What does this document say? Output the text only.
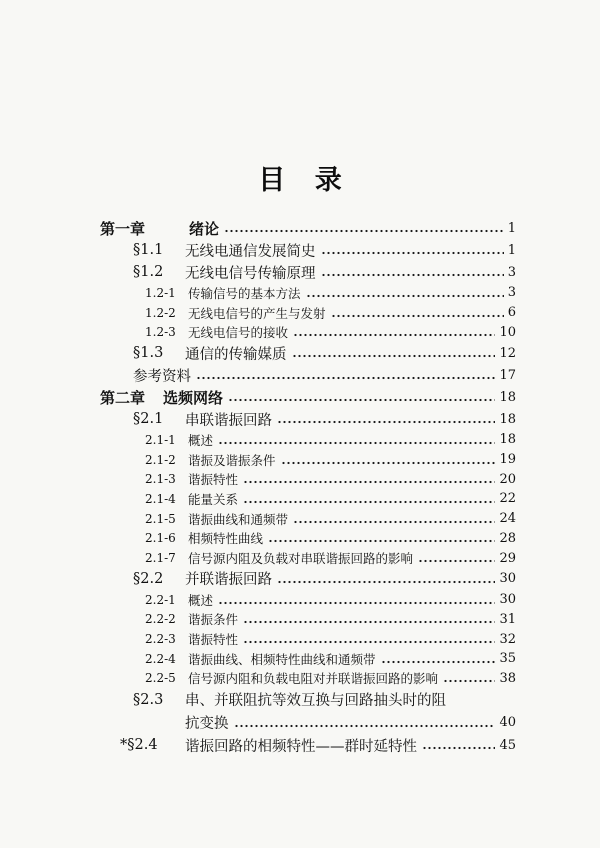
目 录
第一章	绪论	1
§1.1	无线电通信发展简史	1
§1.2	无线电信号传输原理	3
1.2-1 传输信号的基本方法	3
1.2-2 无线电信号的产生与发射	6
1.2-3 无线电信号的接收	10
§1.3	通信的传输媒质	12
参考资料	17
第二章 选频网络	18
§2.1	串联谐振回路	18
2.1-1 概述	18
2.1-2 谐振及谐振条件	19
2.1-3 谐振特性	20
2.1-4 能量关系	22
2.1-5 谐振曲线和通频带	24
2.1-6 相频特性曲线	28
2.1-7 信号源内阻及负载对串联谐振回路的影响	29
§2.2	并联谐振回路	30
2.2-1 概述	30
2.2-2 谐振条件	31
2.2-3 谐振特性	32
2.2-4 谐振曲线、相频特性曲线和通频带	35
2.2-5 信号源内阻和负载电阻对并联谐振回路的影响	38
§2.3	串、并联阻抗等效互换与回路抽头时的阻
抗变换	40
*§2.4	谐振回路的相频特性——群时延特性	45
